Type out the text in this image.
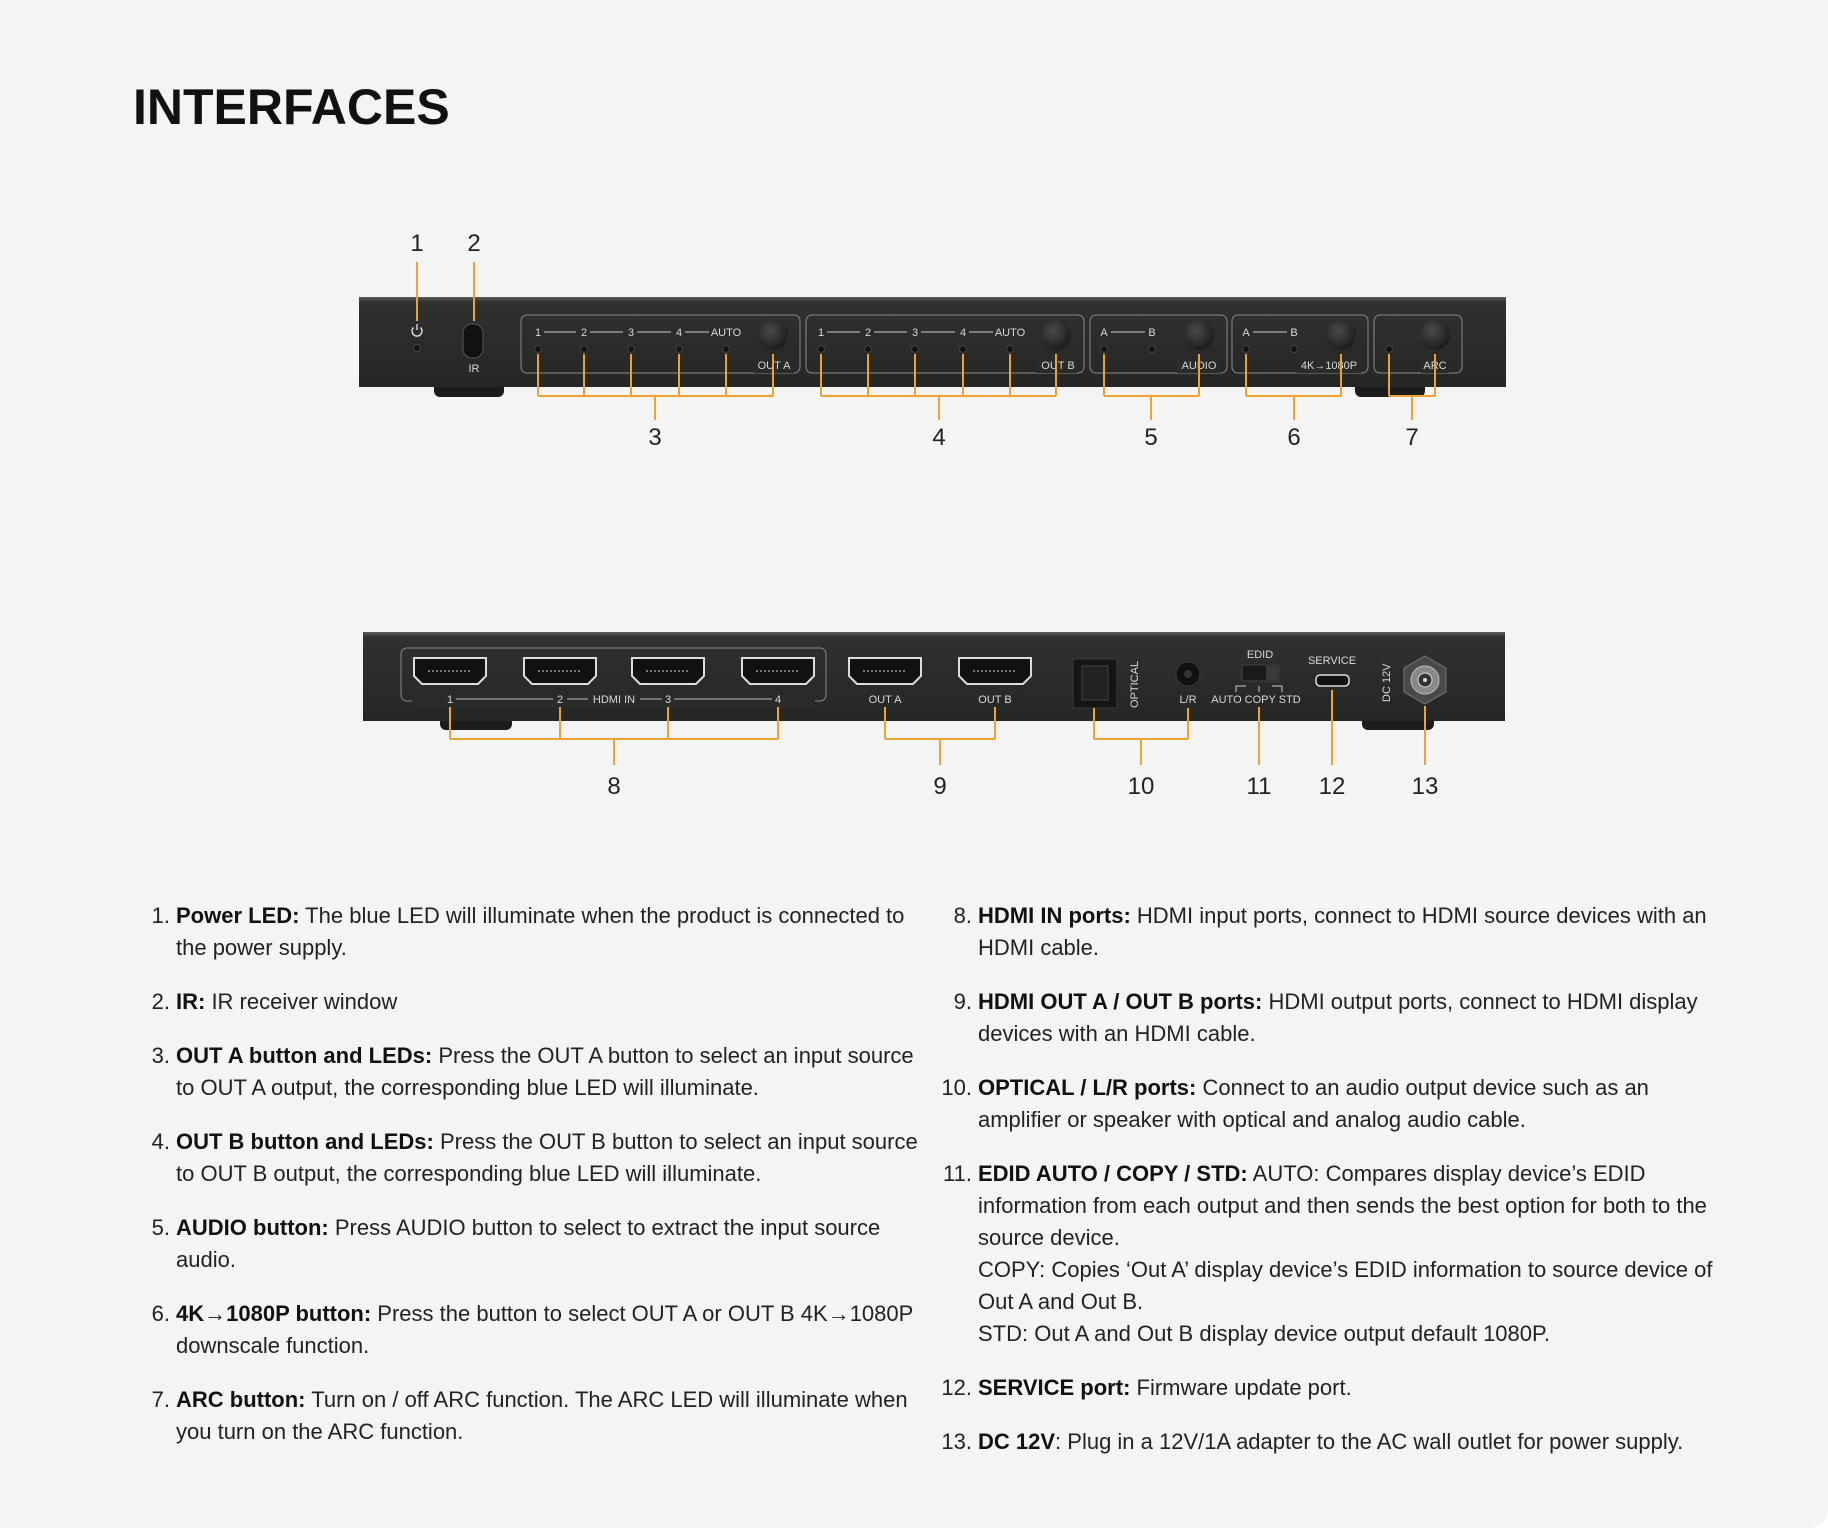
INTERFACES
IR
1	2	3	4	AUTO
OUT A
1	2	3	4	AUTO
OUT B
A	B
AUDIO
A	B
4K→1080P	ARC
1 2
3	4	5	6	7
1	2	HDMI IN	3	4	OUT A	OUT B	OPTICAL	L/R
EDID
AUTO COPY STD
SERVICE
DC 12V
8	9	10	11 12	13
1. Power LED: The blue LED will illuminate when the product is connected to the power supply.
2. IR: IR receiver window
3. OUT A button and LEDs: Press the OUT A button to select an input source to OUT A output, the corresponding blue LED will illuminate.
4. OUT B button and LEDs: Press the OUT B button to select an input source to OUT B output, the corresponding blue LED will illuminate.
5. AUDIO button: Press AUDIO button to select to extract the input source audio.
6. 4K→1080P button: Press the button to select OUT A or OUT B 4K→1080P downscale function.
7. ARC button: Turn on / off ARC function. The ARC LED will illuminate when you turn on the ARC function.
8. HDMI IN ports: HDMI input ports, connect to HDMI source devices with an HDMI cable.
9. HDMI OUT A / OUT B ports: HDMI output ports, connect to HDMI display devices with an HDMI cable.
10. OPTICAL / L/R ports: Connect to an audio output device such as an amplifier or speaker with optical and analog audio cable.
11. EDID AUTO / COPY / STD: AUTO: Compares display device’s EDID information from each output and then sends the best option for both to the source device.

COPY: Copies ‘Out A’ display device’s EDID information to source device of Out A and Out B.

STD: Out A and Out B display device output default 1080P.

12. SERVICE port: Firmware update port.
13. DC 12V: Plug in a 12V/1A adapter to the AC wall outlet for power supply.
